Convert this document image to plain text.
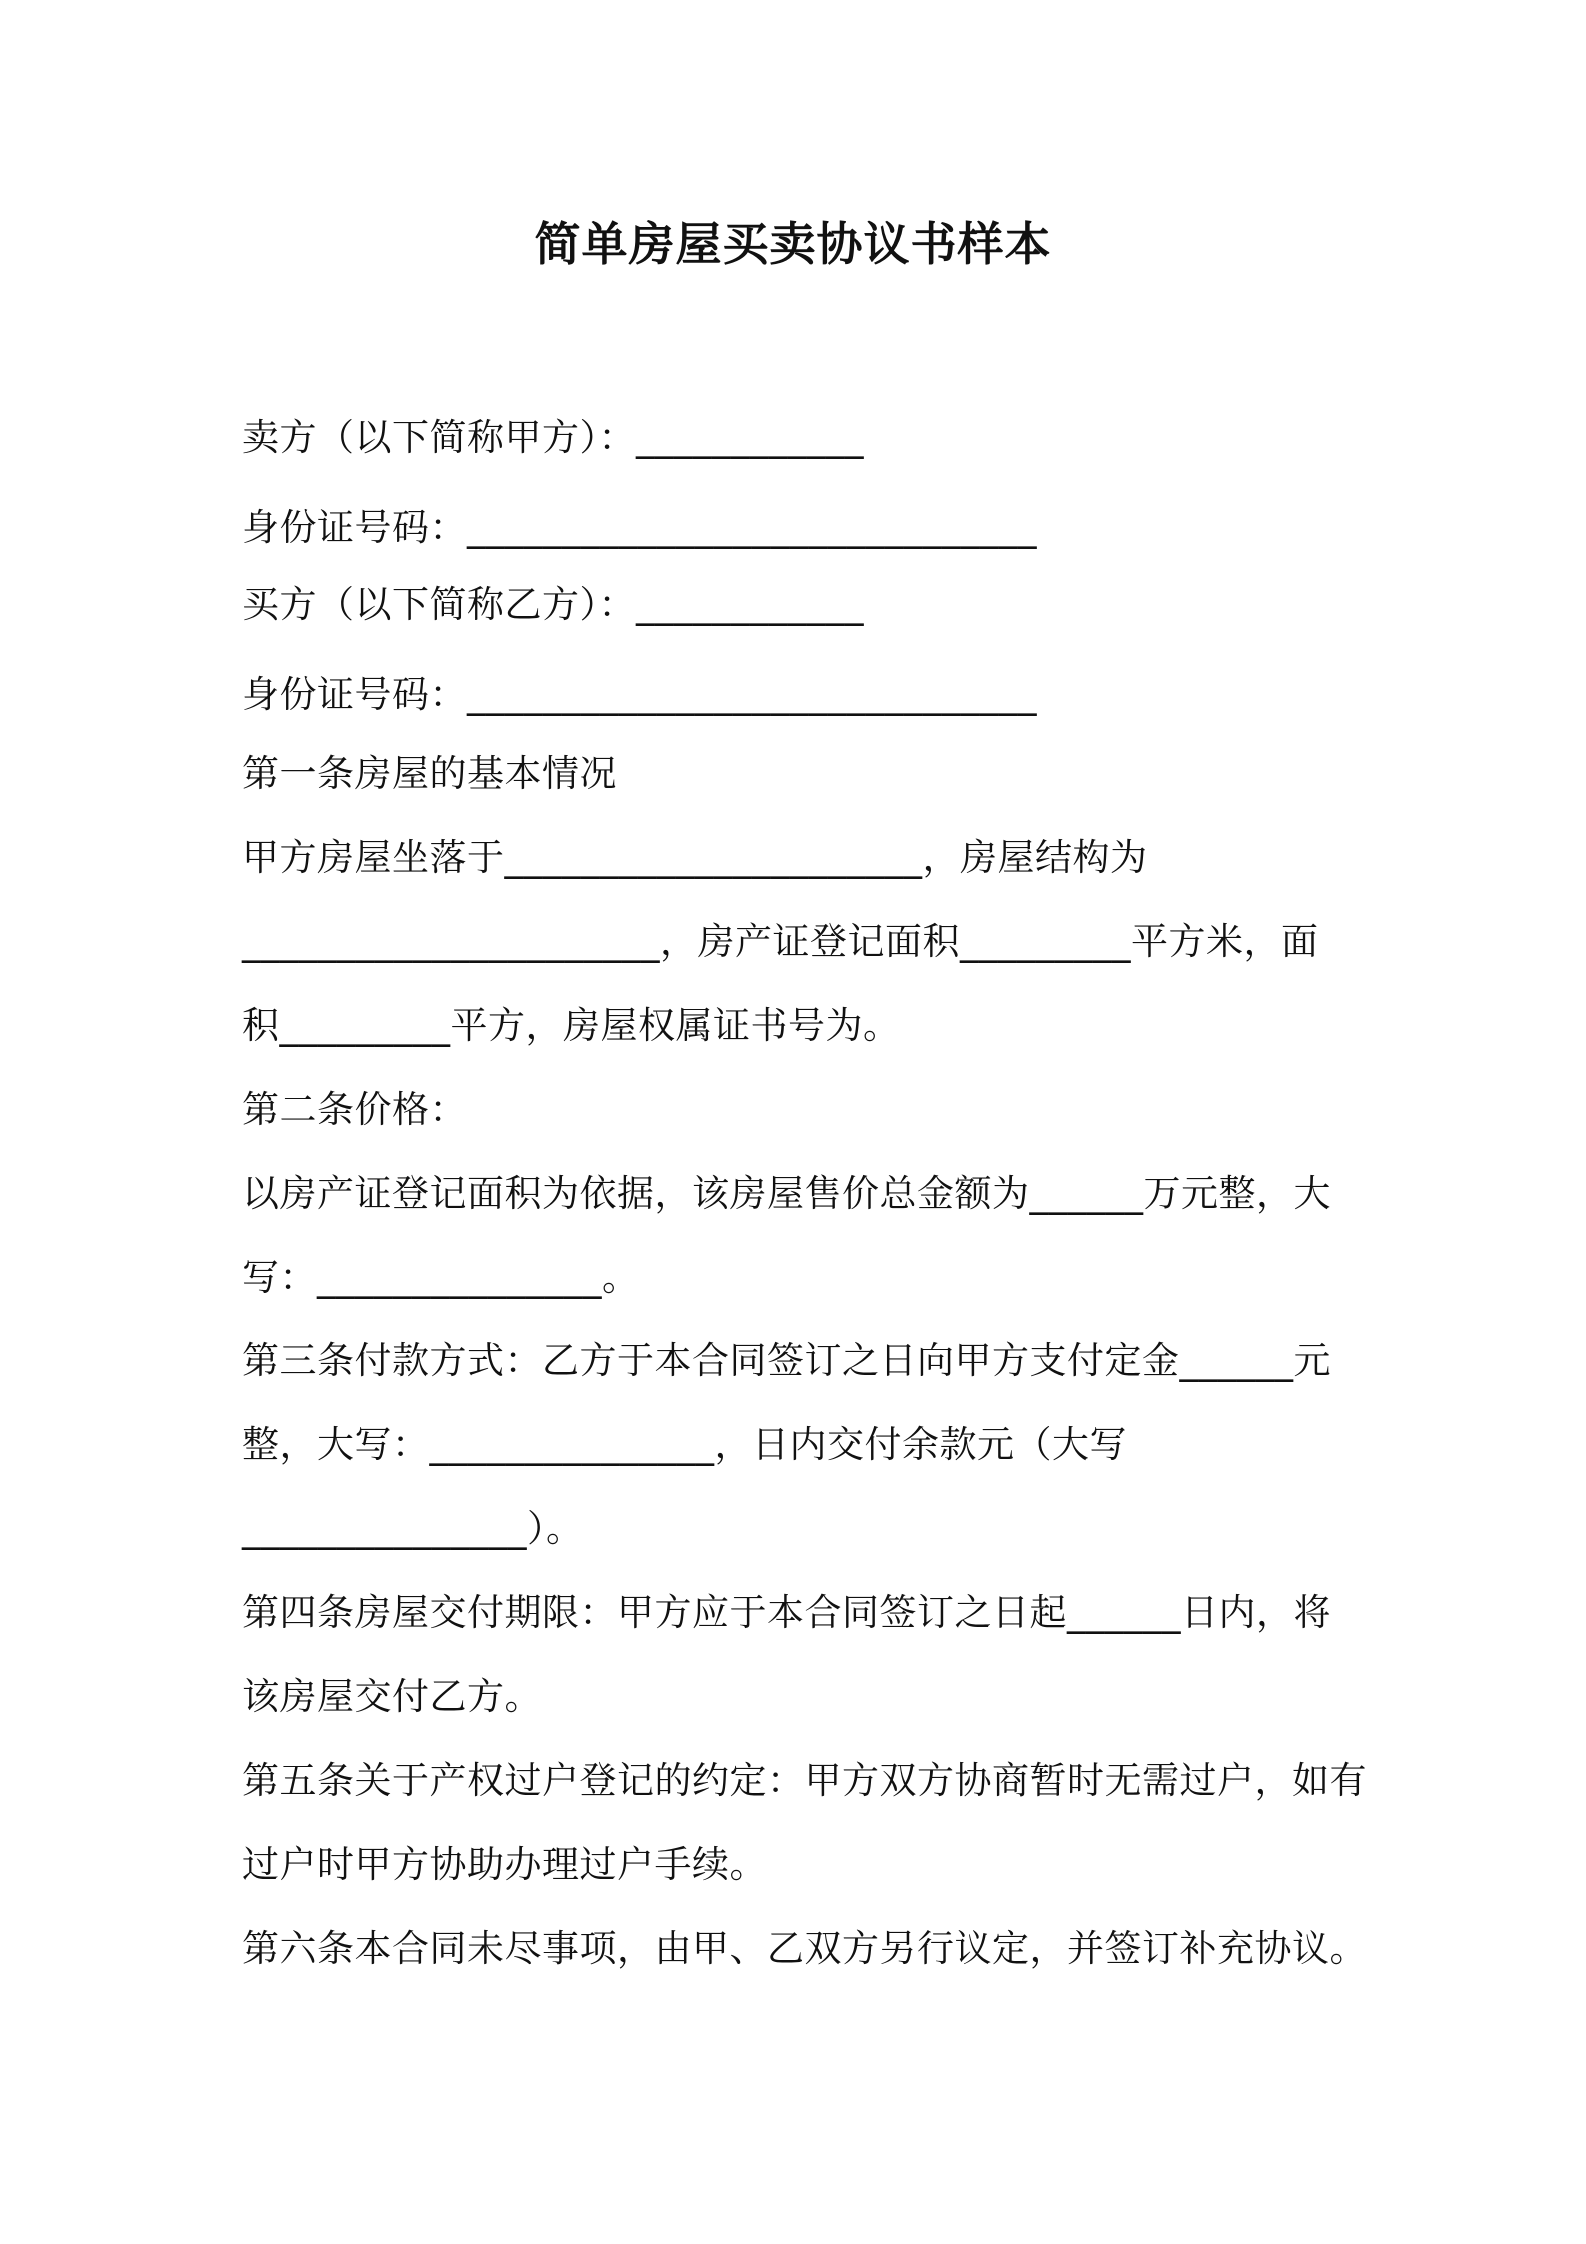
简单房屋买卖协议书样本
卖方（以下简称甲方）：____________
身份证号码：______________________________
买方（以下简称乙方）：____________
身份证号码：______________________________
第一条房屋的基本情况
甲方房屋坐落于______________________，房屋结构为
______________________，房产证登记面积_________平方米，面
积_________平方，房屋权属证书号为。
第二条价格：
以房产证登记面积为依据，该房屋售价总金额为______万元整，大
写：_______________。
第三条付款方式：乙方于本合同签订之日向甲方支付定金______元
整，大写：_______________，日内交付余款元（大写
_______________）。
第四条房屋交付期限：甲方应于本合同签订之日起______日内，将
该房屋交付乙方。
第五条关于产权过户登记的约定：甲方双方协商暂时无需过户，如有
过户时甲方协助办理过户手续。
第六条本合同未尽事项，由甲、乙双方另行议定，并签订补充协议。
